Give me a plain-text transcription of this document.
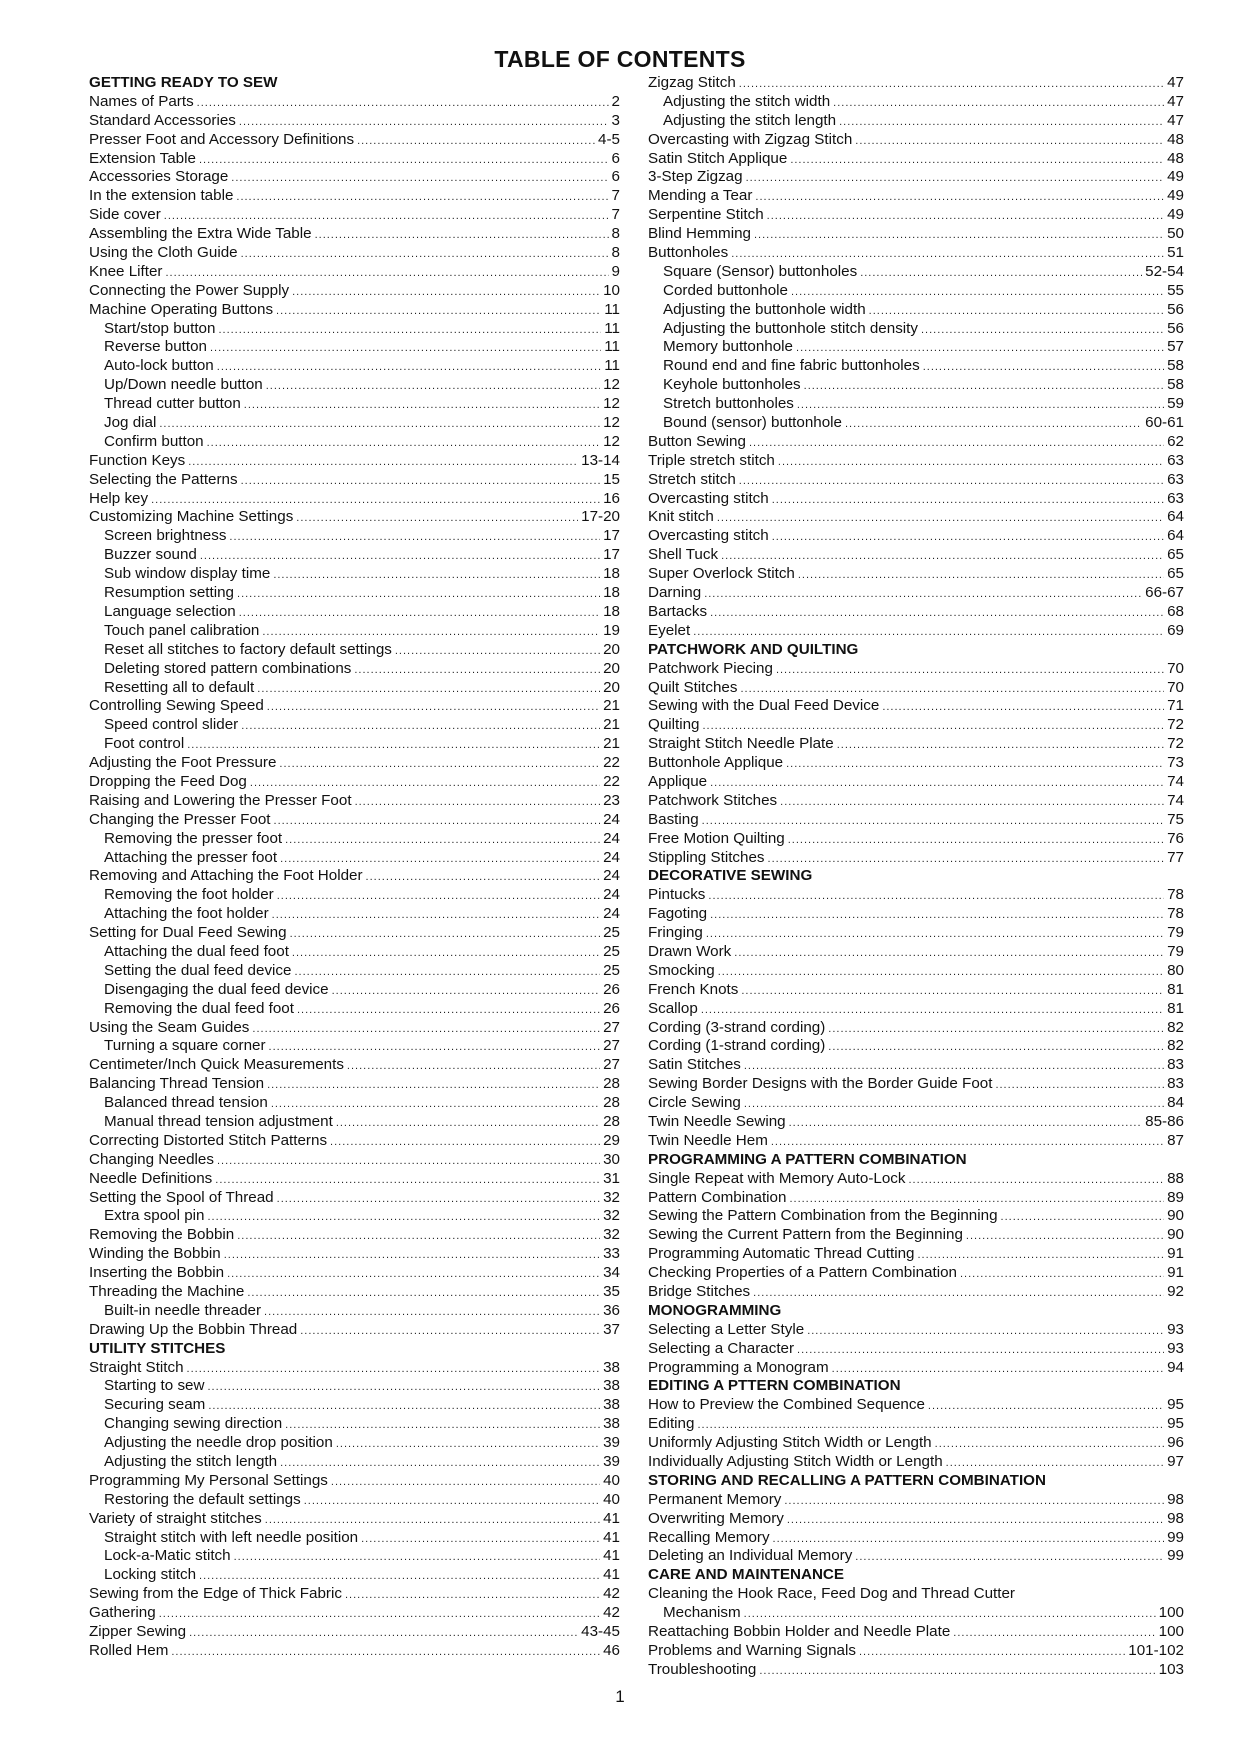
TABLE OF CONTENTS
GETTING READY TO SEW
Names of Parts .....	2
Standard Accessories .....	3
Presser Foot and Accessory Definitions .....	4-5
Extension Table .....	6
Accessories Storage .....	6
In the extension table .....	7
Side cover .....	7
Assembling the Extra Wide Table .....	8
Using the Cloth Guide .....	8
Knee Lifter .....	9
Connecting the Power Supply .....	10
Machine Operating Buttons .....	11
Start/stop button .....	11
Reverse button .....	11
Auto-lock button .....	11
Up/Down needle button .....	12
Thread cutter button .....	12
Jog dial .....	12
Confirm button .....	12
Function Keys .....	13-14
Selecting the Patterns .....	15
Help key .....	16
Customizing Machine Settings .....	17-20
Screen brightness .....	17
Buzzer sound .....	17
Sub window display time .....	18
Resumption setting .....	18
Language selection .....	18
Touch panel calibration .....	19
Reset all stitches to factory default settings .....	20
Deleting stored pattern combinations .....	20
Resetting all to default .....	20
Controlling Sewing Speed .....	21
Speed control slider .....	21
Foot control .....	21
Adjusting the Foot Pressure .....	22
Dropping the Feed Dog .....	22
Raising and Lowering the Presser Foot .....	23
Changing the Presser Foot .....	24
Removing the presser foot .....	24
Attaching the presser foot .....	24
Removing and Attaching the Foot Holder .....	24
Removing the foot holder .....	24
Attaching the foot holder .....	24
Setting for Dual Feed Sewing .....	25
Attaching the dual feed foot .....	25
Setting the dual feed device .....	25
Disengaging the dual feed device .....	26
Removing the dual feed foot .....	26
Using the Seam Guides .....	27
Turning a square corner .....	27
Centimeter/Inch Quick Measurements .....	27
Balancing Thread Tension .....	28
Balanced thread tension .....	28
Manual thread tension adjustment .....	28
Correcting Distorted Stitch Patterns .....	29
Changing Needles .....	30
Needle Definitions .....	31
Setting the Spool of Thread .....	32
Extra spool pin .....	32
Removing the Bobbin .....	32
Winding the Bobbin .....	33
Inserting the Bobbin .....	34
Threading the Machine .....	35
Built-in needle threader .....	36
Drawing Up the Bobbin Thread .....	37
UTILITY STITCHES
Straight Stitch .....	38
Starting to sew .....	38
Securing seam .....	38
Changing sewing direction .....	38
Adjusting the needle drop position .....	39
Adjusting the stitch length .....	39
Programming My Personal Settings .....	40
Restoring the default settings .....	40
Variety of straight stitches .....	41
Straight stitch with left needle position .....	41
Lock-a-Matic stitch .....	41
Locking stitch .....	41
Sewing from the Edge of Thick Fabric .....	42
Gathering .....	42
Zipper Sewing .....	43-45
Rolled Hem .....	46
Zigzag Stitch .....	47
Adjusting the stitch width .....	47
Adjusting the stitch length .....	47
Overcasting with Zigzag Stitch .....	48
Satin Stitch Applique .....	48
3-Step Zigzag .....	49
Mending a Tear .....	49
Serpentine Stitch .....	49
Blind Hemming .....	50
Buttonholes .....	51
Square (Sensor) buttonholes .....	52-54
Corded buttonhole .....	55
Adjusting the buttonhole width .....	56
Adjusting the buttonhole stitch density .....	56
Memory buttonhole .....	57
Round end and fine fabric buttonholes .....	58
Keyhole buttonholes .....	58
Stretch buttonholes .....	59
Bound (sensor) buttonhole .....	60-61
Button Sewing .....	62
Triple stretch stitch .....	63
Stretch stitch .....	63
Overcasting stitch .....	63
Knit stitch .....	64
Overcasting stitch .....	64
Shell Tuck .....	65
Super Overlock Stitch .....	65
Darning .....	66-67
Bartacks .....	68
Eyelet .....	69
PATCHWORK AND QUILTING
Patchwork Piecing .....	70
Quilt Stitches .....	70
Sewing with the Dual Feed Device .....	71
Quilting .....	72
Straight Stitch Needle Plate .....	72
Buttonhole Applique .....	73
Applique .....	74
Patchwork Stitches .....	74
Basting .....	75
Free Motion Quilting .....	76
Stippling Stitches .....	77
DECORATIVE SEWING
Pintucks .....	78
Fagoting .....	78
Fringing .....	79
Drawn Work .....	79
Smocking .....	80
French Knots .....	81
Scallop .....	81
Cording (3-strand cording) .....	82
Cording (1-strand cording) .....	82
Satin Stitches .....	83
Sewing Border Designs with the Border Guide Foot .....	83
Circle Sewing .....	84
Twin Needle Sewing .....	85-86
Twin Needle Hem .....	87
PROGRAMMING A PATTERN COMBINATION
Single Repeat with Memory Auto-Lock .....	88
Pattern Combination .....	89
Sewing the Pattern Combination from the Beginning .....	90
Sewing the Current Pattern from the Beginning .....	90
Programming Automatic Thread Cutting .....	91
Checking Properties of a Pattern Combination .....	91
Bridge Stitches .....	92
MONOGRAMMING
Selecting a Letter Style .....	93
Selecting a Character .....	93
Programming a Monogram .....	94
EDITING A PTTERN COMBINATION
How to Preview the Combined Sequence .....	95
Editing .....	95
Uniformly Adjusting Stitch Width or Length .....	96
Individually Adjusting Stitch Width or Length .....	97
STORING AND RECALLING A PATTERN COMBINATION
Permanent Memory .....	98
Overwriting Memory .....	98
Recalling Memory .....	99
Deleting an Individual Memory .....	99
CARE AND MAINTENANCE
Cleaning the Hook Race, Feed Dog and Thread Cutter
Mechanism .....	100
Reattaching Bobbin Holder and Needle Plate .....	100
Problems and Warning Signals .....	101-102
Troubleshooting .....	103
1
